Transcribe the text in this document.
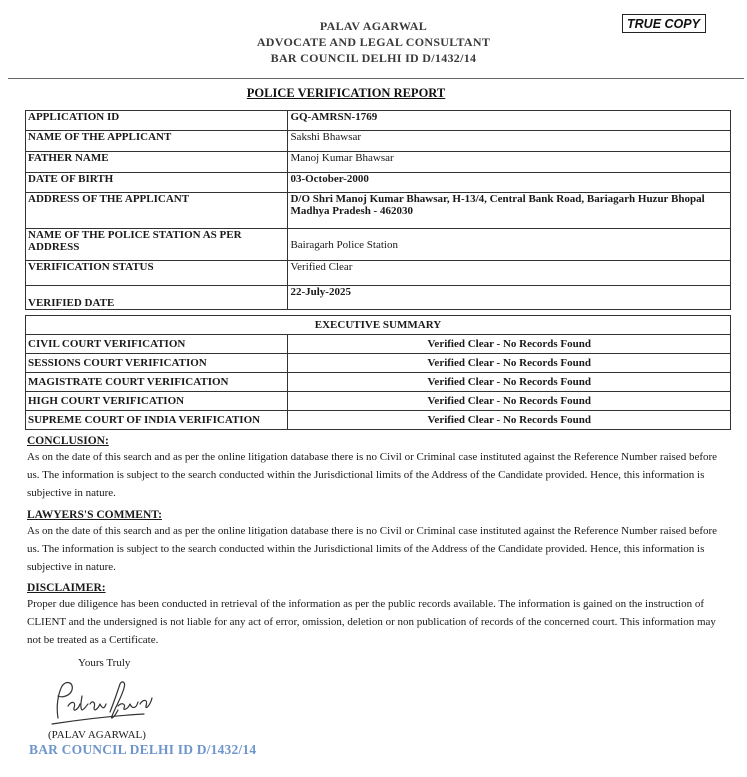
PALAV AGARWAL
ADVOCATE AND LEGAL CONSULTANT
BAR COUNCIL DELHI ID D/1432/14
TRUE COPY
POLICE VERIFICATION REPORT
APPLICATION ID	GQ-AMRSN-1769
NAME OF THE APPLICANT	Sakshi Bhawsar
FATHER NAME	Manoj Kumar Bhawsar
DATE OF BIRTH	03-October-2000
ADDRESS OF THE APPLICANT	D/O Shri Manoj Kumar Bhawsar, H-13/4, Central Bank Road, Bariagarh Huzur Bhopal Madhya Pradesh - 462030
NAME OF THE POLICE STATION AS PER ADDRESS	Bairagarh Police Station
VERIFICATION STATUS	Verified Clear
VERIFIED DATE	22-July-2025
EXECUTIVE SUMMARY	
CIVIL COURT VERIFICATION	Verified Clear - No Records Found
SESSIONS COURT VERIFICATION	Verified Clear - No Records Found
MAGISTRATE COURT VERIFICATION	Verified Clear - No Records Found
HIGH COURT VERIFICATION	Verified Clear - No Records Found
SUPREME COURT OF INDIA VERIFICATION	Verified Clear - No Records Found
CONCLUSION:
As on the date of this search and as per the online litigation database there is no Civil or Criminal case instituted against the Reference Number raised before us. The information is subject to the search conducted within the Jurisdictional limits of the Address of the Candidate provided. Hence, this information is subjective in nature.
LAWYERS'S COMMENT:
As on the date of this search and as per the online litigation database there is no Civil or Criminal case instituted against the Reference Number raised before us. The information is subject to the search conducted within the Jurisdictional limits of the Address of the Candidate provided. Hence, this information is subjective in nature.
DISCLAIMER:
Proper due diligence has been conducted in retrieval of the information as per the public records available. The information is gained on the instruction of CLIENT and the undersigned is not liable for any act of error, omission, deletion or non publication of records of the concerned court. This information may not be treated as a Certificate.
Yours Truly
(PALAV AGARWAL)
BAR COUNCIL DELHI ID D/1432/14
